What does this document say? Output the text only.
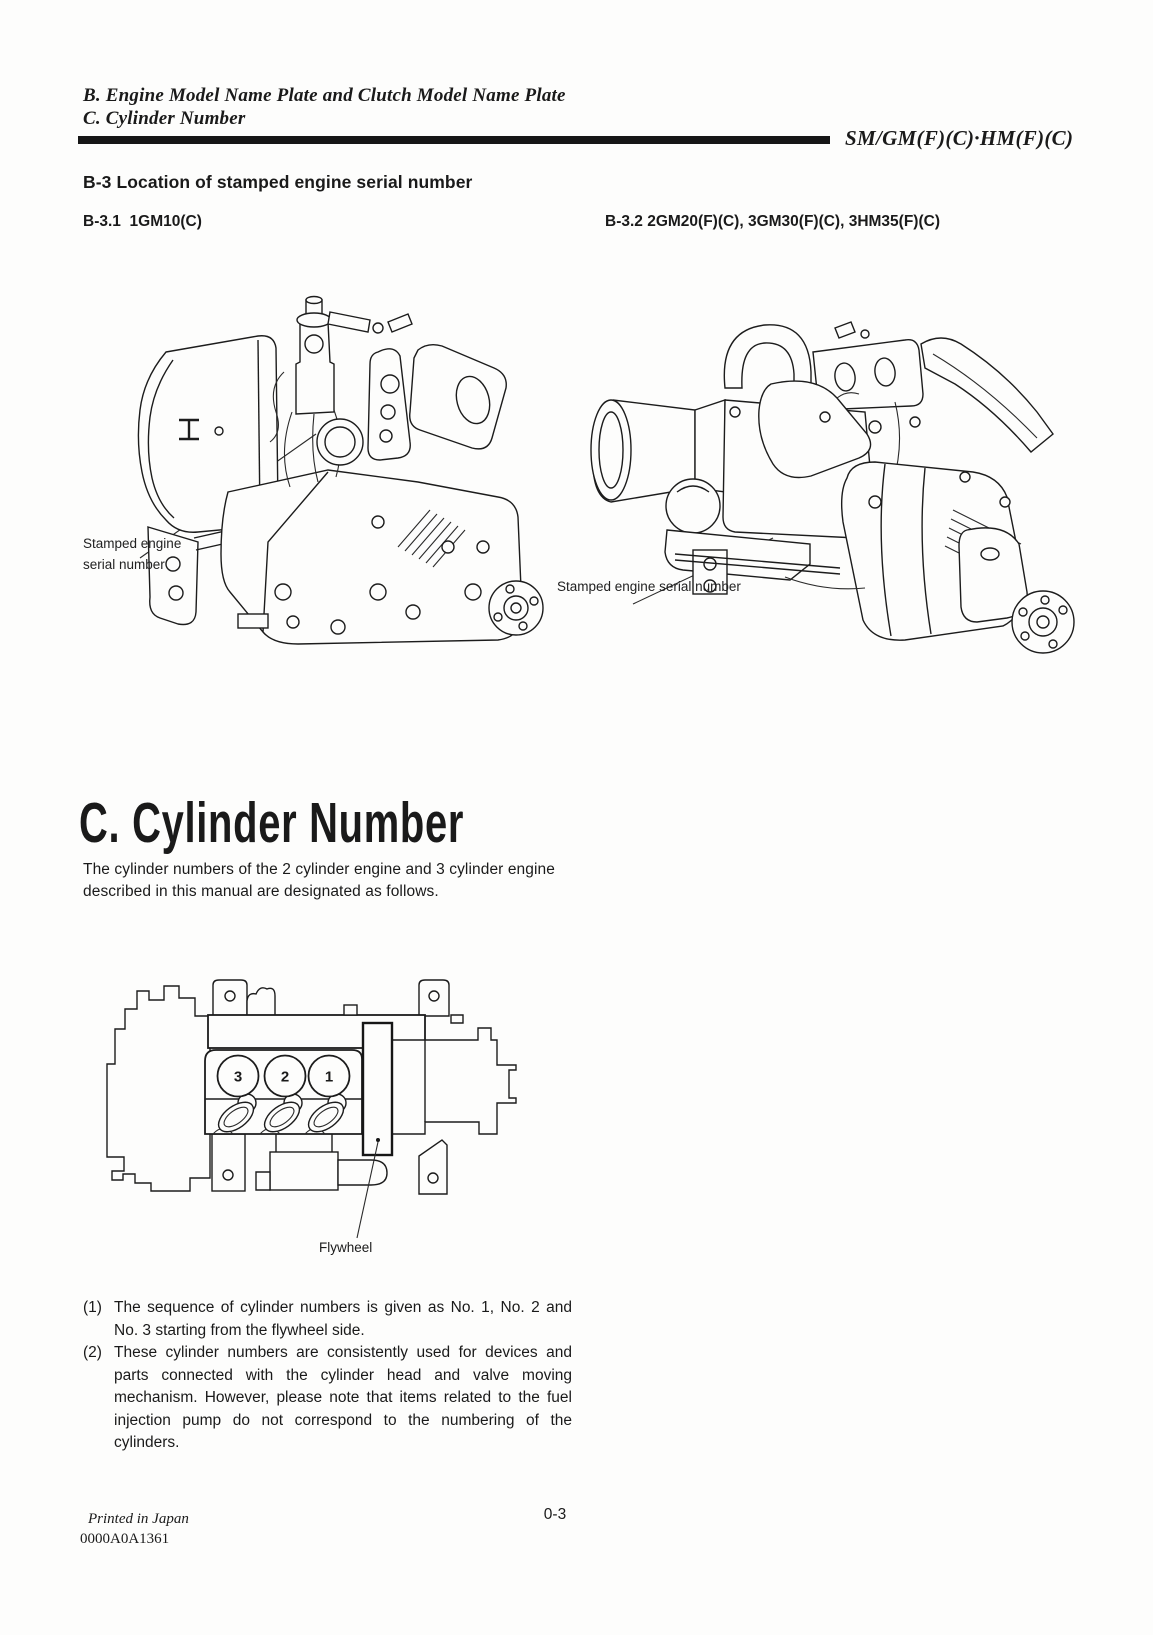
B. Engine Model Name Plate and Clutch Model Name Plate
C. Cylinder Number
SM/GM(F)(C)·HM(F)(C)
B-3 Location of stamped engine serial number
B-3.1  1GM10(C)	B-3.2 2GM20(F)(C), 3GM30(F)(C), 3HM35(F)(C)
Stamped engine
serial number
Stamped engine serial number
C. Cylinder Number
The cylinder numbers of the 2 cylinder engine and 3 cylinder engine described in this manual are designated as follows.
3	2 1
Flywheel
(1) The sequence of cylinder numbers is given as No. 1, No. 2 and No. 3 starting from the flywheel side.
(2) These cylinder numbers are consistently used for devices and parts connected with the cylinder head and valve moving mechanism. However, please note that items related to the fuel injection pump do not correspond to the numbering of the cylinders.
Printed in Japan
0000A0A1361
0-3
